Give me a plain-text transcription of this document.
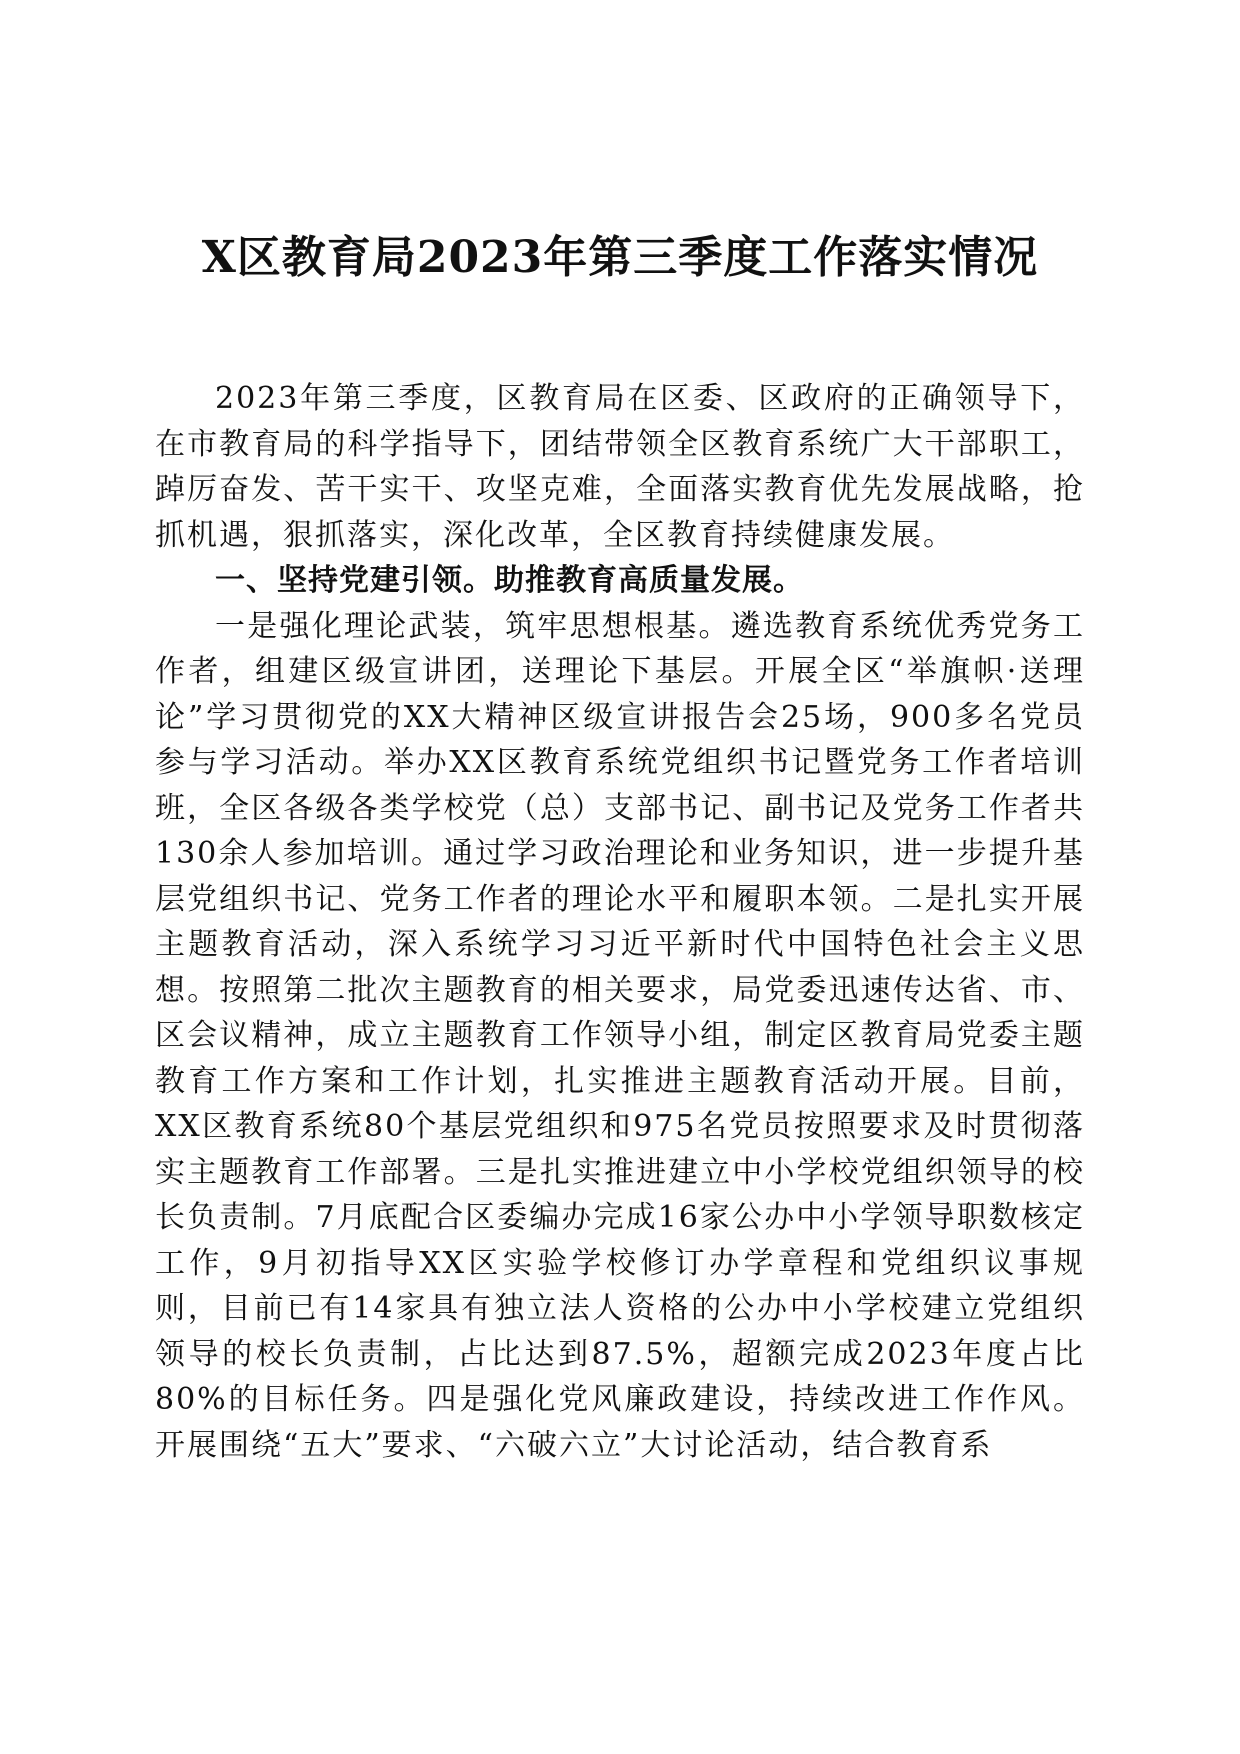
X区教育局2023年第三季度工作落实情况

2023年第三季度，区教育局在区委、区政府的正确领导下，在市教育局的科学指导下，团结带领全区教育系统广大干部职工，踔厉奋发、苦干实干、攻坚克难，全面落实教育优先发展战略，抢抓机遇，狠抓落实，深化改革，全区教育持续健康发展。

一、坚持党建引领。助推教育高质量发展。

一是强化理论武装，筑牢思想根基。遴选教育系统优秀党务工作者，组建区级宣讲团，送理论下基层。开展全区“举旗帜·送理论”学习贯彻党的XX大精神区级宣讲报告会25场，900多名党员参与学习活动。举办XX区教育系统党组织书记暨党务工作者培训班，全区各级各类学校党（总）支部书记、副书记及党务工作者共130余人参加培训。通过学习政治理论和业务知识，进一步提升基层党组织书记、党务工作者的理论水平和履职本领。二是扎实开展主题教育活动，深入系统学习习近平新时代中国特色社会主义思想。按照第二批次主题教育的相关要求，局党委迅速传达省、市、区会议精神，成立主题教育工作领导小组，制定区教育局党委主题教育工作方案和工作计划，扎实推进主题教育活动开展。目前，XX区教育系统80个基层党组织和975名党员按照要求及时贯彻落实主题教育工作部署。三是扎实推进建立中小学校党组织领导的校长负责制。7月底配合区委编办完成16家公办中小学领导职数核定工作，9月初指导XX区实验学校修订办学章程和党组织议事规则，目前已有14家具有独立法人资格的公办中小学校建立党组织领导的校长负责制，占比达到87.5%，超额完成2023年度占比80%的目标任务。四是强化党风廉政建设，持续改进工作作风。开展围绕“五大”要求、“六破六立”大讨论活动，结合教育系
